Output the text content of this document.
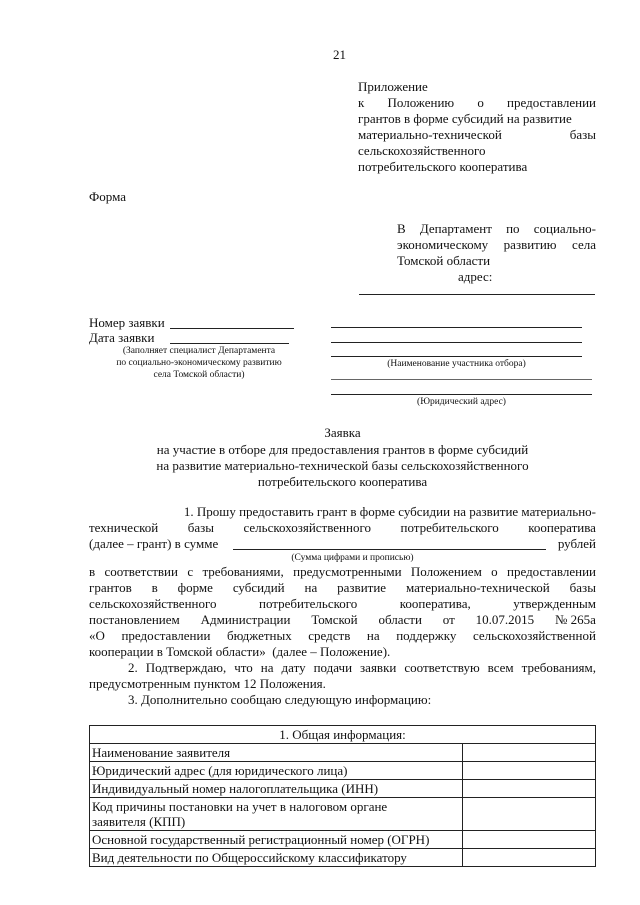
21
Приложение
к Положению о предоставлении
грантов в форме субсидий на развитие
материально-технической	базы
сельскохозяйственного
потребительского кооператива
Форма
В Департамент по социально-
экономическому развитию села
Томской области
адрес:
Номер заявки
Дата заявки
(Заполняет специалист Департамента
по социально-экономическому развитию
села Томской области)
(Наименование участника отбора)
(Юридический адрес)
Заявка
на участие в отборе для предоставления грантов в форме субсидий
на развитие материально-технической базы сельскохозяйственного
потребительского кооператива
1. Прошу предоставить грант в форме субсидии на развитие материально-
технической базы сельскохозяйственного потребительского кооператива
(далее – грант) в сумме	рублей
(Сумма цифрами и прописью)
в соответствии с требованиями, предусмотренными Положением о предоставлении
грантов в форме субсидий на развитие материально-технической базы
сельскохозяйственного	потребительского	кооператива,	утвержденным
постановлением Администрации Томской области от 10.07.2015 № 265а
«О предоставлении бюджетных средств на поддержку сельскохозяйственной
кооперации в Томской области»  (далее – Положение).
2. Подтверждаю, что на дату подачи заявки соответствую всем требованиям,
предусмотренным пунктом 12 Положения.
3. Дополнительно сообщаю следующую информацию:
1. Общая информация:	
Наименование заявителя	
Юридический адрес (для юридического лица)	
Индивидуальный номер налогоплательщика (ИНН)	

Код причины постановки на учет в налоговом органе
заявителя (КПП)	

Основной государственный регистрационный номер (ОГРН)	
Вид деятельности по Общероссийскому классификатору	
